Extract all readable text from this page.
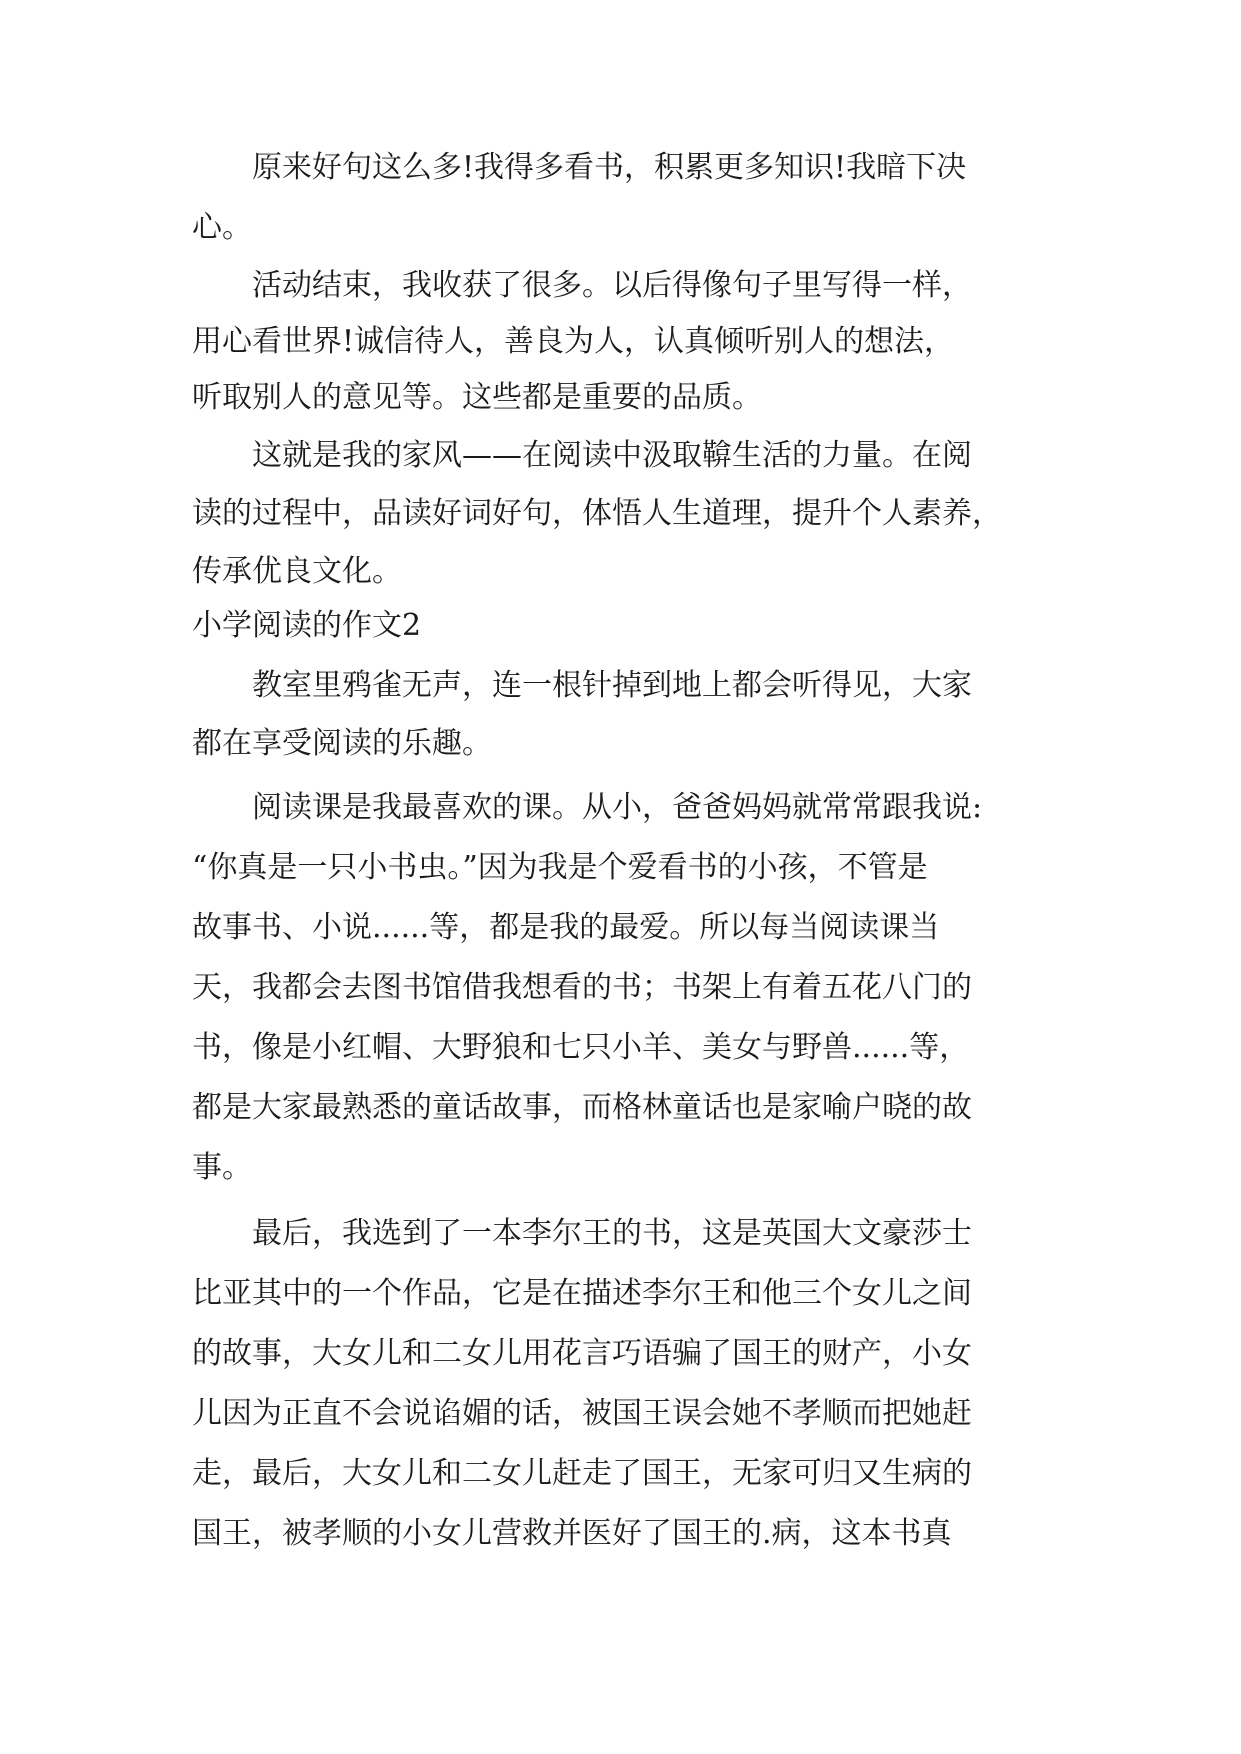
原来好句这么多!我得多看书，积累更多知识!我暗下决
心。
活动结束，我收获了很多。以后得像句子里写得一样，
用心看世界!诚信待人，善良为人，认真倾听别人的想法，
听取别人的意见等。这些都是重要的品质。
这就是我的家风——在阅读中汲取鞥生活的力量。在阅
读的过程中，品读好词好句，体悟人生道理，提升个人素养，
传承优良文化。
小学阅读的作文2
教室里鸦雀无声，连一根针掉到地上都会听得见，大家
都在享受阅读的乐趣。
阅读课是我最喜欢的课。从小，爸爸妈妈就常常跟我说:
“你真是一只小书虫。”因为我是个爱看书的小孩，不管是
故事书、小说......等，都是我的最爱。所以每当阅读课当
天，我都会去图书馆借我想看的书；书架上有着五花八门的
书，像是小红帽、大野狼和七只小羊、美女与野兽......等，
都是大家最熟悉的童话故事，而格林童话也是家喻户晓的故
事。
最后，我选到了一本李尔王的书，这是英国大文豪莎士
比亚其中的一个作品，它是在描述李尔王和他三个女儿之间
的故事，大女儿和二女儿用花言巧语骗了国王的财产，小女
儿因为正直不会说谄媚的话，被国王误会她不孝顺而把她赶
走，最后，大女儿和二女儿赶走了国王，无家可归又生病的
国王，被孝顺的小女儿营救并医好了国王的.病，这本书真
